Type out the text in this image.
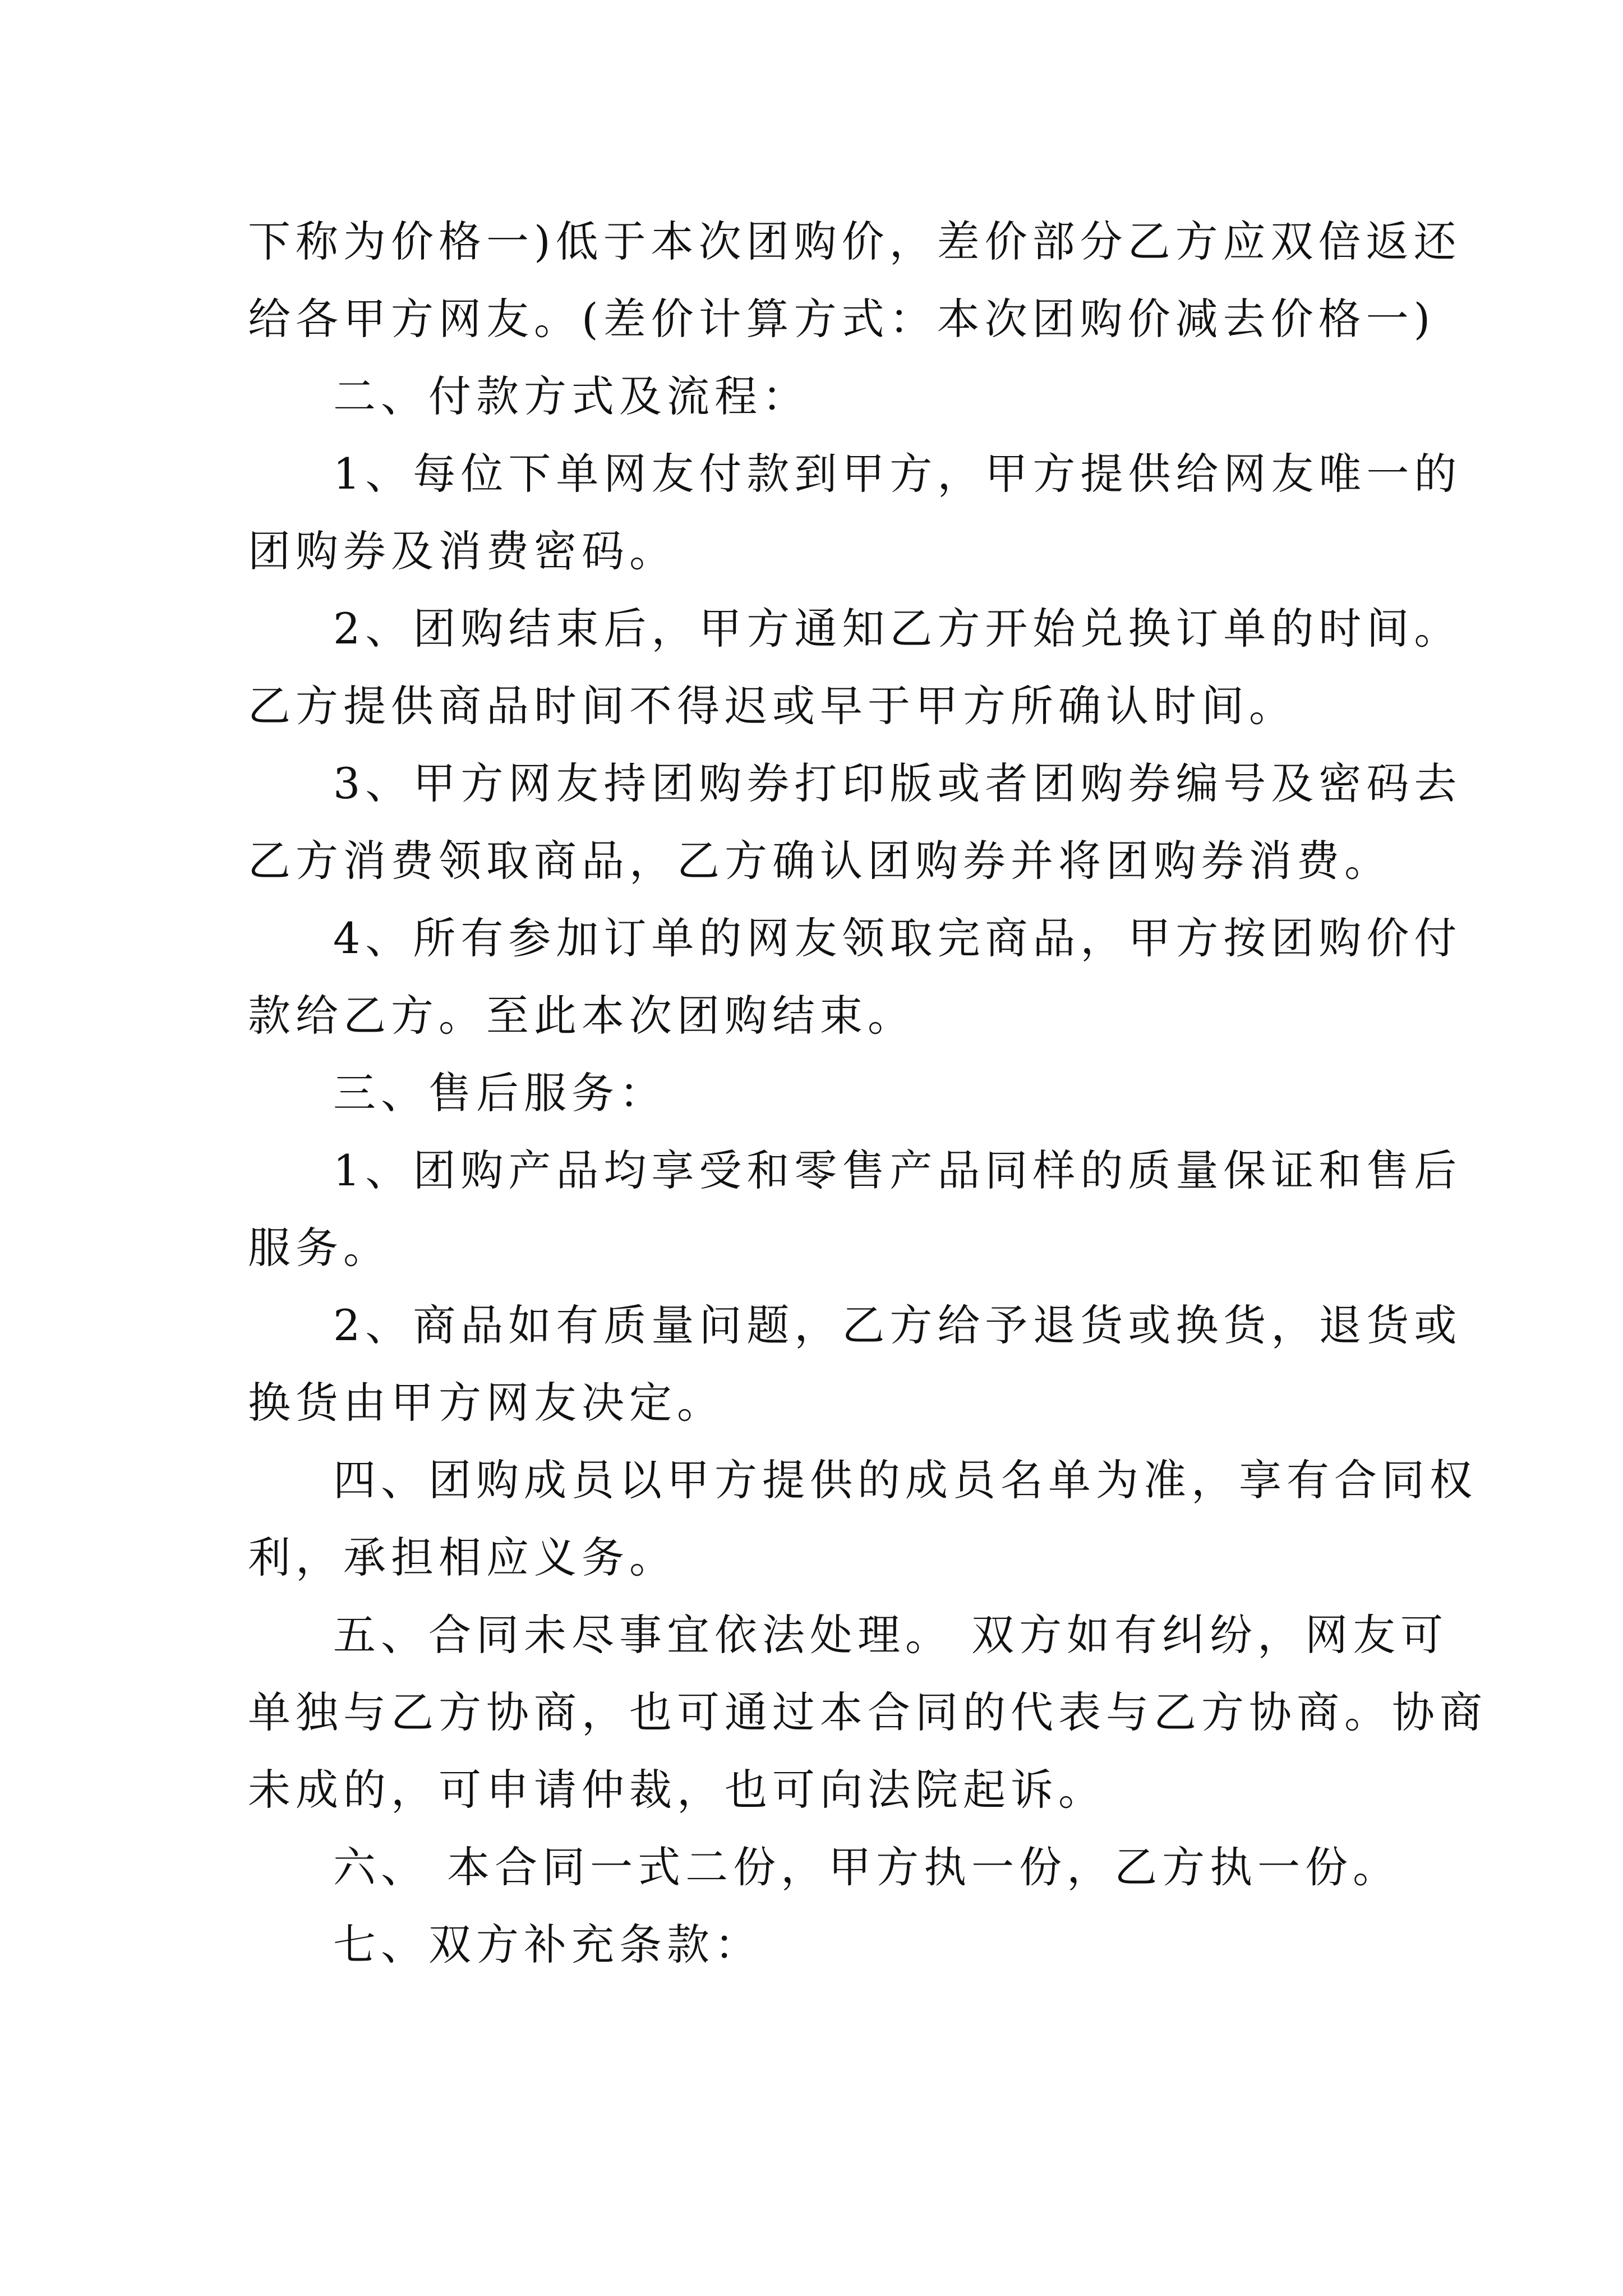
下称为价格一)低于本次团购价，差价部分乙方应双倍返还
给各甲方网友。(差价计算方式：本次团购价减去价格一)
二、付款方式及流程：
1、每位下单网友付款到甲方，甲方提供给网友唯一的
团购券及消费密码。
2、团购结束后，甲方通知乙方开始兑换订单的时间。
乙方提供商品时间不得迟或早于甲方所确认时间。
3、甲方网友持团购券打印版或者团购券编号及密码去
乙方消费领取商品，乙方确认团购券并将团购券消费。
4、所有参加订单的网友领取完商品，甲方按团购价付
款给乙方。至此本次团购结束。
三、售后服务：
1、团购产品均享受和零售产品同样的质量保证和售后
服务。
2、商品如有质量问题，乙方给予退货或换货，退货或
换货由甲方网友决定。
四、团购成员以甲方提供的成员名单为准，享有合同权
利，承担相应义务。
五、合同未尽事宜依法处理。 双方如有纠纷，网友可
单独与乙方协商，也可通过本合同的代表与乙方协商。协商
未成的，可申请仲裁，也可向法院起诉。
六、 本合同一式二份，甲方执一份，乙方执一份。
七、双方补充条款：
